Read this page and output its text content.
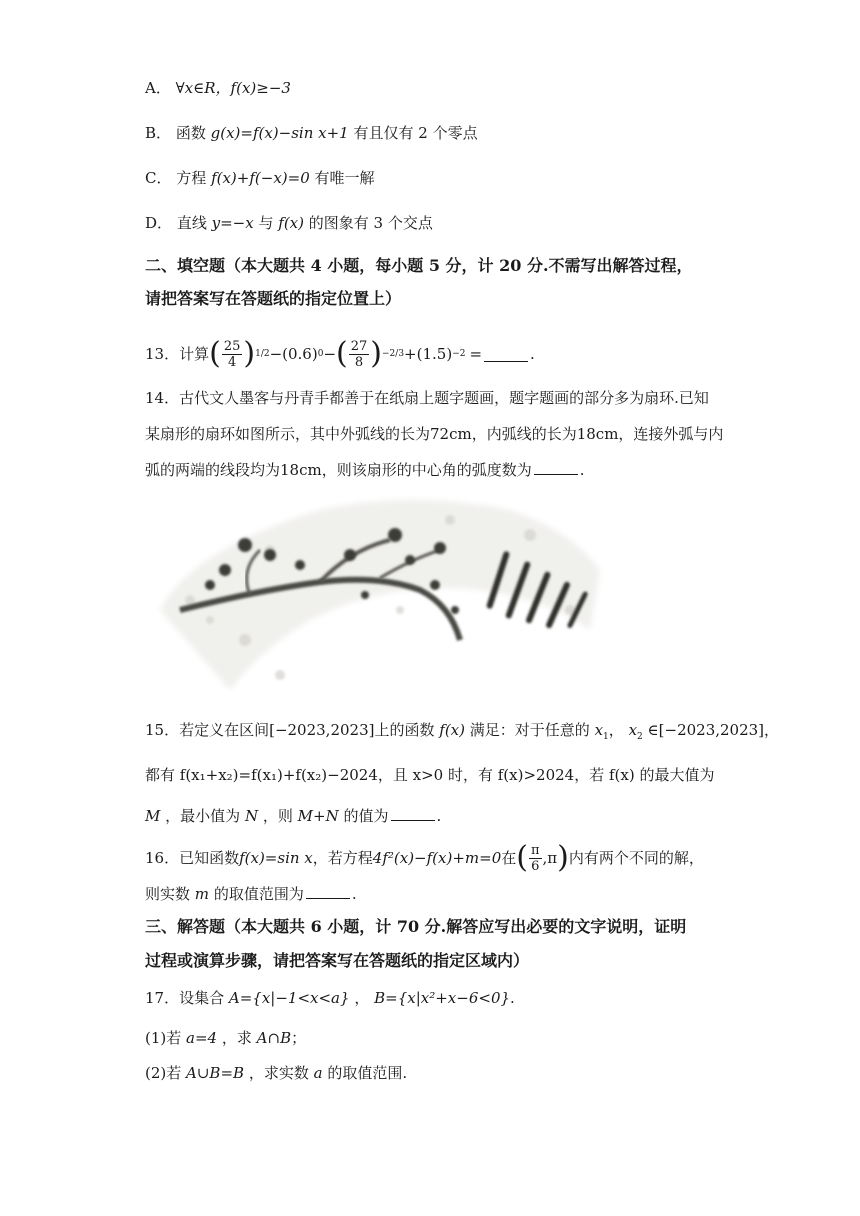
A． ∀x∈R，f(x)≥−3
B． 函数 g(x)=f(x)−sin x+1 有且仅有 2 个零点
C． 方程 f(x)+f(−x)=0 有唯一解
D． 直线 y=−x 与 f(x) 的图象有 3 个交点
二、填空题（本大题共 4 小题，每小题 5 分，计 20 分.不需写出解答过程，
请把答案写在答题纸的指定位置上）
13． 计算 ( $\frac{25}{4}$ ) 1/2 −(0.6) 0 − ( $\frac{27}{8}$ ) −2/3 +(1.5) −2 =	.
14．古代文人墨客与丹青手都善于在纸扇上题字题画，题字题画的部分多为扇环.已知
某扇形的扇环如图所示，其中外弧线的长为72cm，内弧线的长为18cm，连接外弧与内
弧的两端的线段均为18cm，则该扇形的中心角的弧度数为	.
15．若定义在区间[−2023,2023]上的函数 f(x) 满足：对于任意的 $x_1$， $x_2$ ∈[−2023,2023]，
都有 f(x₁+x₂)=f(x₁)+f(x₂)−2024，且 x>0 时，有 f(x)>2024，若 f(x) 的最大值为
M ，最小值为 N ，则 M+N 的值为	.
16．已知函数 f(x)=sin x ，若方程 4f²(x)−f(x)+m=0 在 ( $\frac{\pi}{6} ,\pi$ ) 内有两个不同的解，
则实数 m 的取值范围为	.
三、解答题（本大题共 6 小题，计 70 分.解答应写出必要的文字说明，证明
过程或演算步骤，请把答案写在答题纸的指定区域内）
17．设集合 A={x|−1<x<a} ， B={x|x²+x−6<0}.
(1)若 a=4 ，求 A∩B；
(2)若 A∪B=B ，求实数 a 的取值范围.
